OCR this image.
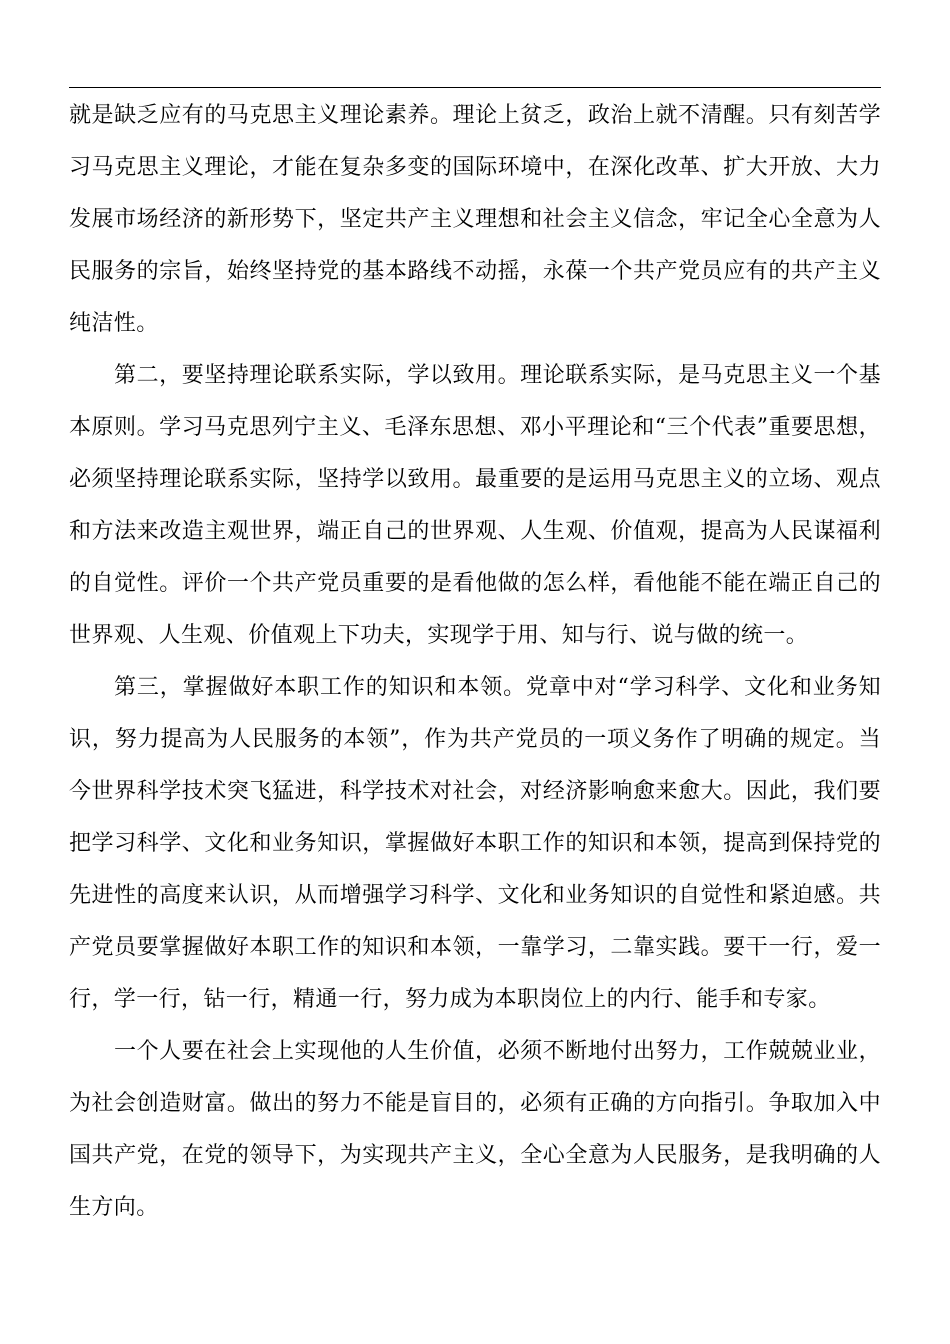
就是缺乏应有的马克思主义理论素养。理论上贫乏，政治上就不清醒。只有刻苦学习马克思主义理论，才能在复杂多变的国际环境中，在深化改革、扩大开放、大力发展市场经济的新形势下，坚定共产主义理想和社会主义信念，牢记全心全意为人民服务的宗旨，始终坚持党的基本路线不动摇，永葆一个共产党员应有的共产主义纯洁性。

第二，要坚持理论联系实际，学以致用。理论联系实际，是马克思主义一个基本原则。学习马克思列宁主义、毛泽东思想、邓小平理论和“三个代表”重要思想，必须坚持理论联系实际，坚持学以致用。最重要的是运用马克思主义的立场、观点和方法来改造主观世界，端正自己的世界观、人生观、价值观，提高为人民谋福利的自觉性。评价一个共产党员重要的是看他做的怎么样，看他能不能在端正自己的世界观、人生观、价值观上下功夫，实现学于用、知与行、说与做的统一。

第三，掌握做好本职工作的知识和本领。党章中对“学习科学、文化和业务知识，努力提高为人民服务的本领”，作为共产党员的一项义务作了明确的规定。当今世界科学技术突飞猛进，科学技术对社会，对经济影响愈来愈大。因此，我们要把学习科学、文化和业务知识，掌握做好本职工作的知识和本领，提高到保持党的先进性的高度来认识，从而增强学习科学、文化和业务知识的自觉性和紧迫感。共产党员要掌握做好本职工作的知识和本领，一靠学习，二靠实践。要干一行，爱一行，学一行，钻一行，精通一行，努力成为本职岗位上的内行、能手和专家。

一个人要在社会上实现他的人生价值，必须不断地付出努力，工作兢兢业业，为社会创造财富。做出的努力不能是盲目的，必须有正确的方向指引。争取加入中国共产党，在党的领导下，为实现共产主义，全心全意为人民服务，是我明确的人生方向。
